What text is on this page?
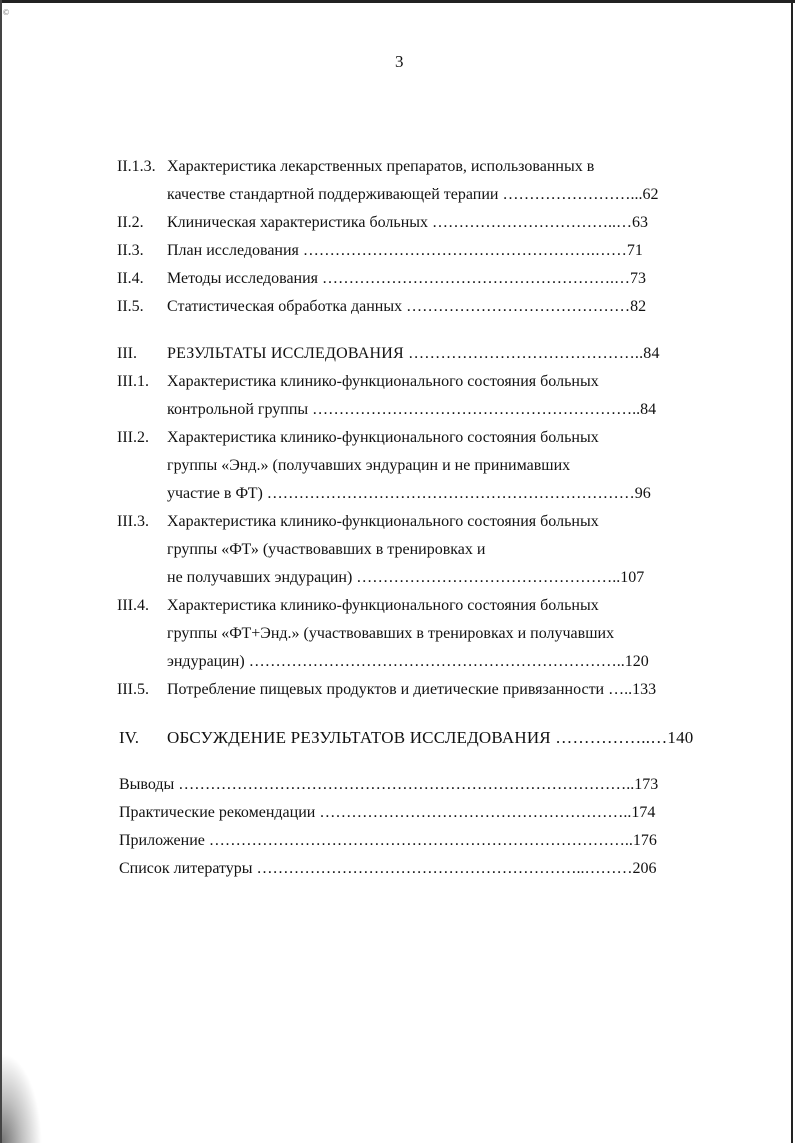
©
3
II.1.3. Характеристика лекарственных препаратов, использованных в
качестве стандартной поддерживающей терапии ……………………...62
II.2. Клиническая характеристика больных ……………………………..…63
II.3. План исследования ……………………………………………….……71
II.4. Методы исследования ……………………………………………….…73
II.5. Статистическая обработка данных ……………………………………82
III. РЕЗУЛЬТАТЫ ИССЛЕДОВАНИЯ ……………………………………..84
III.1. Характеристика клинико-функционального состояния больных
контрольной группы ……………………………………………………..84
III.2. Характеристика клинико-функционального состояния больных
группы «Энд.» (получавших эндурацин и не принимавших
участие в ФТ) ……………………………………………………………96
III.3. Характеристика клинико-функционального состояния больных
группы «ФТ» (участвовавших в тренировках и
не получавших эндурацин) …………………………………………..107
III.4. Характеристика клинико-функционального состояния больных
группы «ФТ+Энд.» (участвовавших в тренировках и получавших
эндурацин) ……………………………………………………………..120
III.5. Потребление пищевых продуктов и диетические привязанности …..133
IV. ОБСУЖДЕНИЕ РЕЗУЛЬТАТОВ ИССЛЕДОВАНИЯ ……………..…140
Выводы …………………………………………………………………………..173
Практические рекомендации …………………………………………………..174
Приложение ……………………………………………………………………..176
Список литературы ……………………………………………………..………206
